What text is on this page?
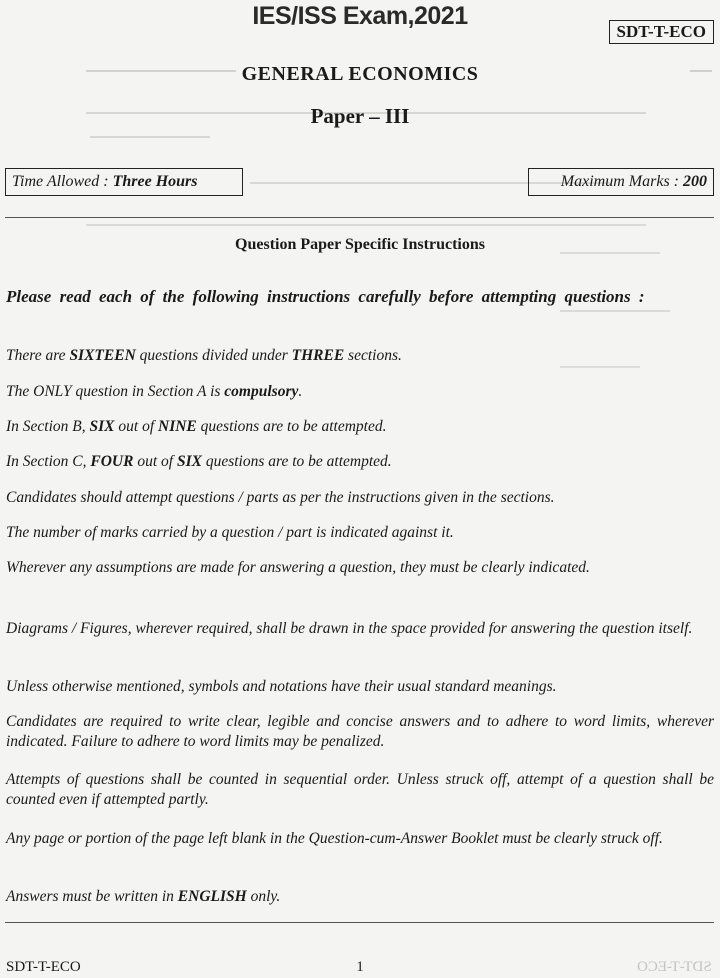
IES/ISS Exam,2021
SDT-T-ECO
GENERAL ECONOMICS
Paper – III
Time Allowed : Three Hours	Maximum Marks : 200
Question Paper Specific Instructions
Please read each of the following instructions carefully before attempting questions :
There are SIXTEEN questions divided under THREE sections.
The ONLY question in Section A is compulsory.
In Section B, SIX out of NINE questions are to be attempted.
In Section C, FOUR out of SIX questions are to be attempted.
Candidates should attempt questions / parts as per the instructions given in the sections.
The number of marks carried by a question / part is indicated against it.
Wherever any assumptions are made for answering a question, they must be clearly indicated.
Diagrams / Figures, wherever required, shall be drawn in the space provided for answering the question itself.
Unless otherwise mentioned, symbols and notations have their usual standard meanings.
Candidates are required to write clear, legible and concise answers and to adhere to word limits, wherever indicated. Failure to adhere to word limits may be penalized.
Attempts of questions shall be counted in sequential order. Unless struck off, attempt of a question shall be counted even if attempted partly.
Any page or portion of the page left blank in the Question-cum-Answer Booklet must be clearly struck off.
Answers must be written in ENGLISH only.
SDT-T-ECO	1	SDT-T-ECO
